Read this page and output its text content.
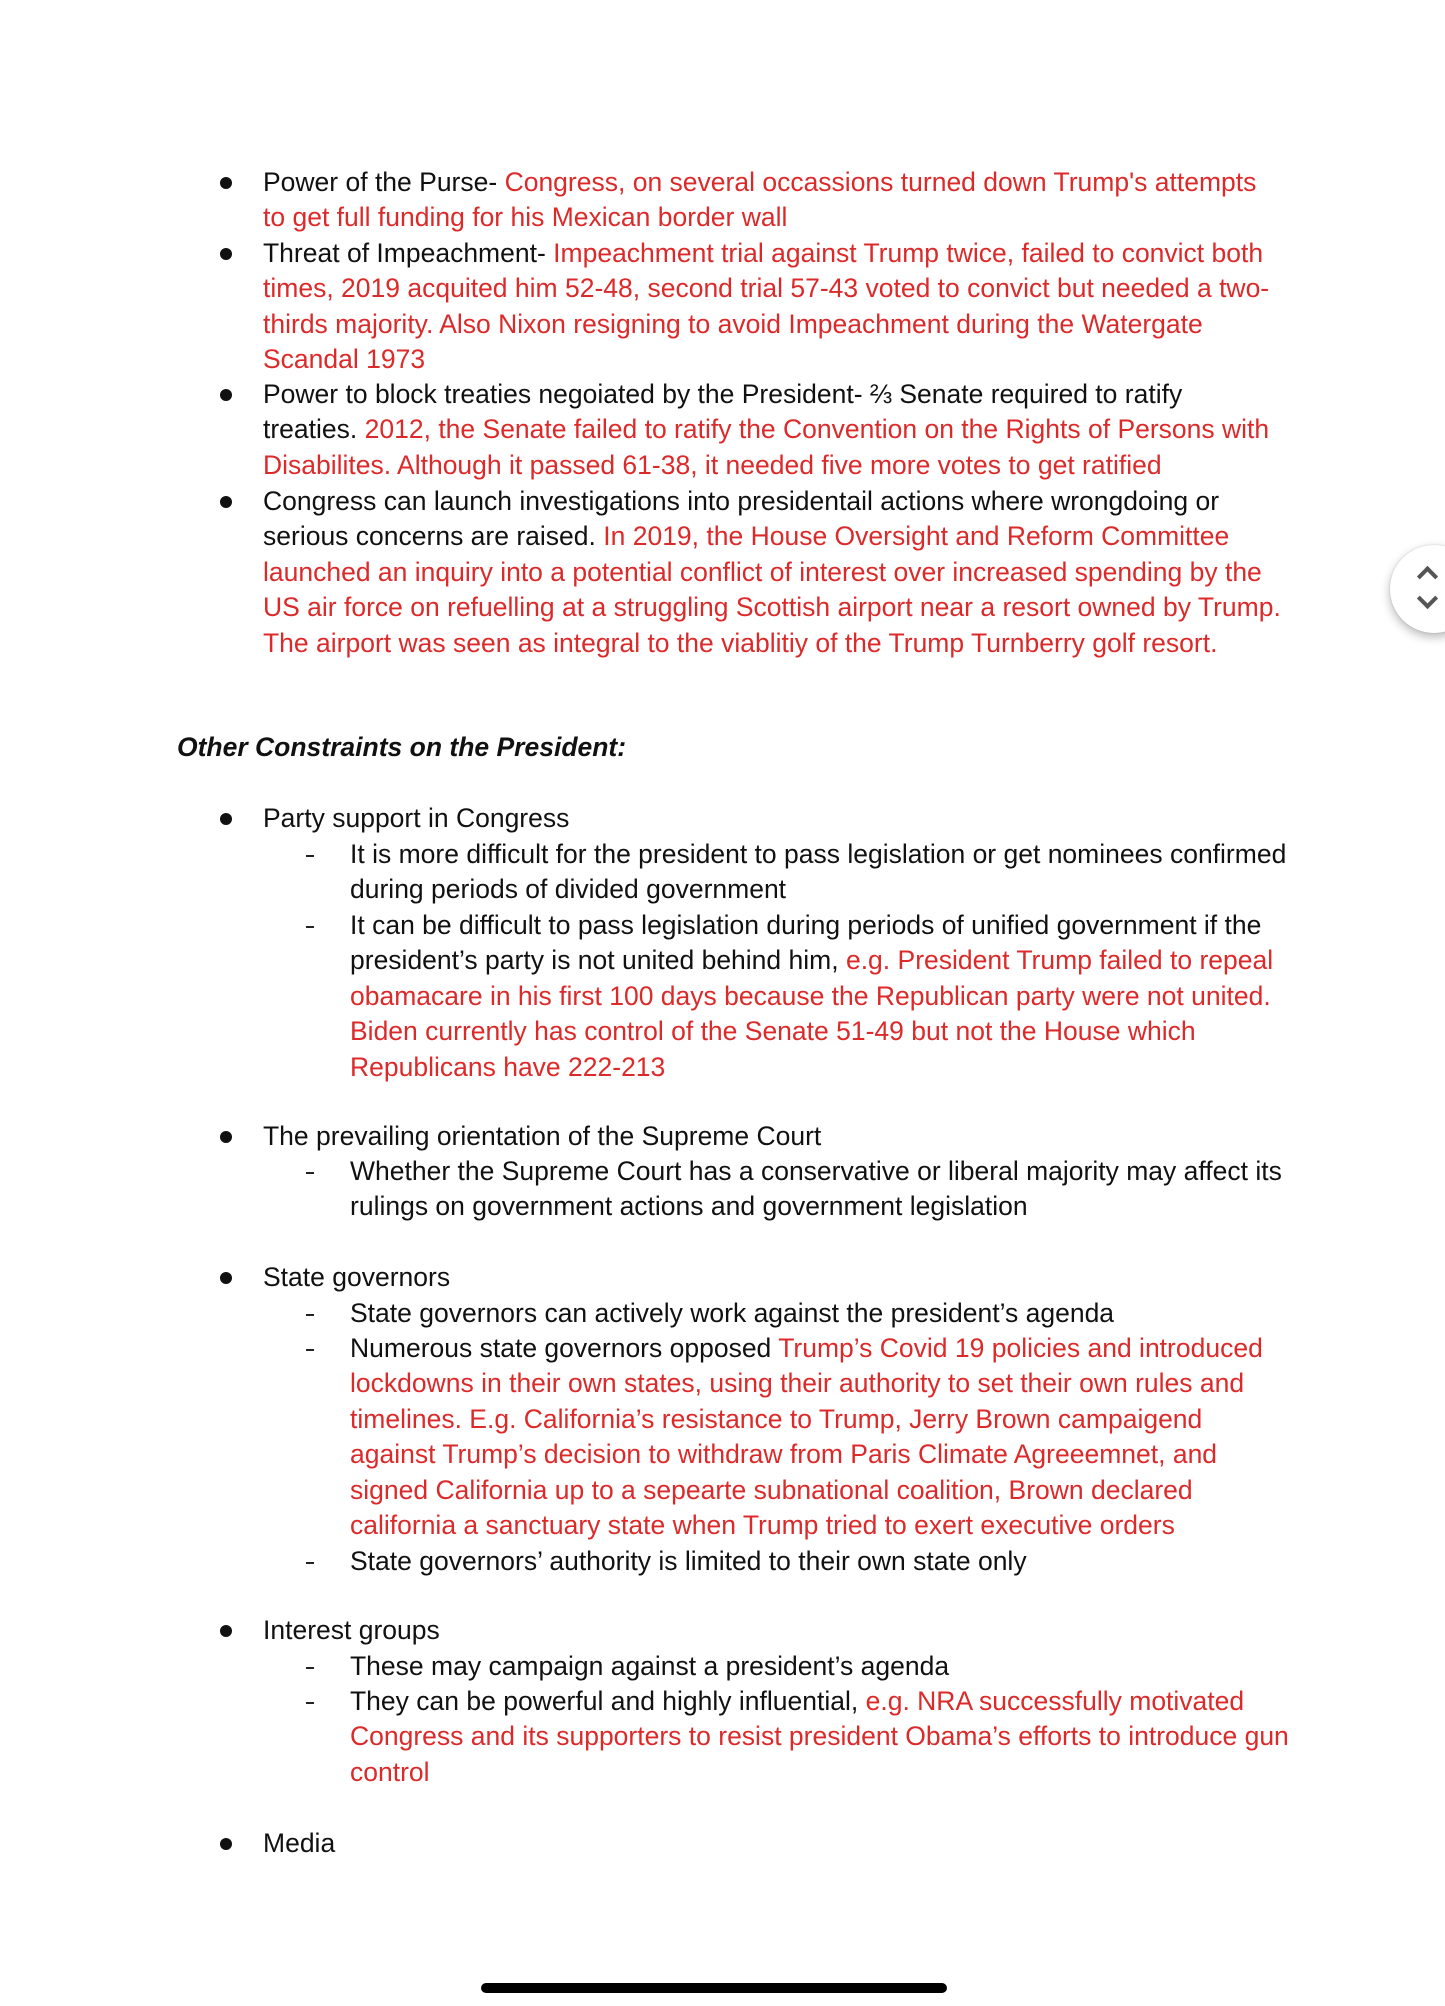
Power of the Purse- Congress, on several occassions turned down Trump's attempts to get full funding for his Mexican border wall
Threat of Impeachment- Impeachment trial against Trump twice, failed to convict both times, 2019 acquited him 52-48, second trial 57-43 voted to convict but needed a two-thirds majority. Also Nixon resigning to avoid Impeachment during the Watergate Scandal 1973
Power to block treaties negoiated by the President- ⅔ Senate required to ratify treaties. 2012, the Senate failed to ratify the Convention on the Rights of Persons with Disabilites. Although it passed 61-38, it needed five more votes to get ratified
Congress can launch investigations into presidentail actions where wrongdoing or serious concerns are raised. In 2019, the House Oversight and Reform Committee launched an inquiry into a potential conflict of interest over increased spending by the US air force on refuelling at a struggling Scottish airport near a resort owned by Trump. The airport was seen as integral to the viablitiy of the Trump Turnberry golf resort.
Other Constraints on the President:
Party support in Congress
It is more difficult for the president to pass legislation or get nominees confirmed during periods of divided government
It can be difficult to pass legislation during periods of unified government if the president’s party is not united behind him, e.g. President Trump failed to repeal obamacare in his first 100 days because the Republican party were not united. Biden currently has control of the Senate 51-49 but not the House which Republicans have 222-213
The prevailing orientation of the Supreme Court
Whether the Supreme Court has a conservative or liberal majority may affect its rulings on government actions and government legislation
State governors
State governors can actively work against the president’s agenda
Numerous state governors opposed Trump’s Covid 19 policies and introduced lockdowns in their own states, using their authority to set their own rules and timelines. E.g. California’s resistance to Trump, Jerry Brown campaigend against Trump’s decision to withdraw from Paris Climate Agreeemnet, and signed California up to a sepearte subnational coalition, Brown declared california a sanctuary state when Trump tried to exert executive orders
State governors’ authority is limited to their own state only
Interest groups
These may campaign against a president’s agenda
They can be powerful and highly influential, e.g. NRA successfully motivated Congress and its supporters to resist president Obama’s efforts to introduce gun control
Media
